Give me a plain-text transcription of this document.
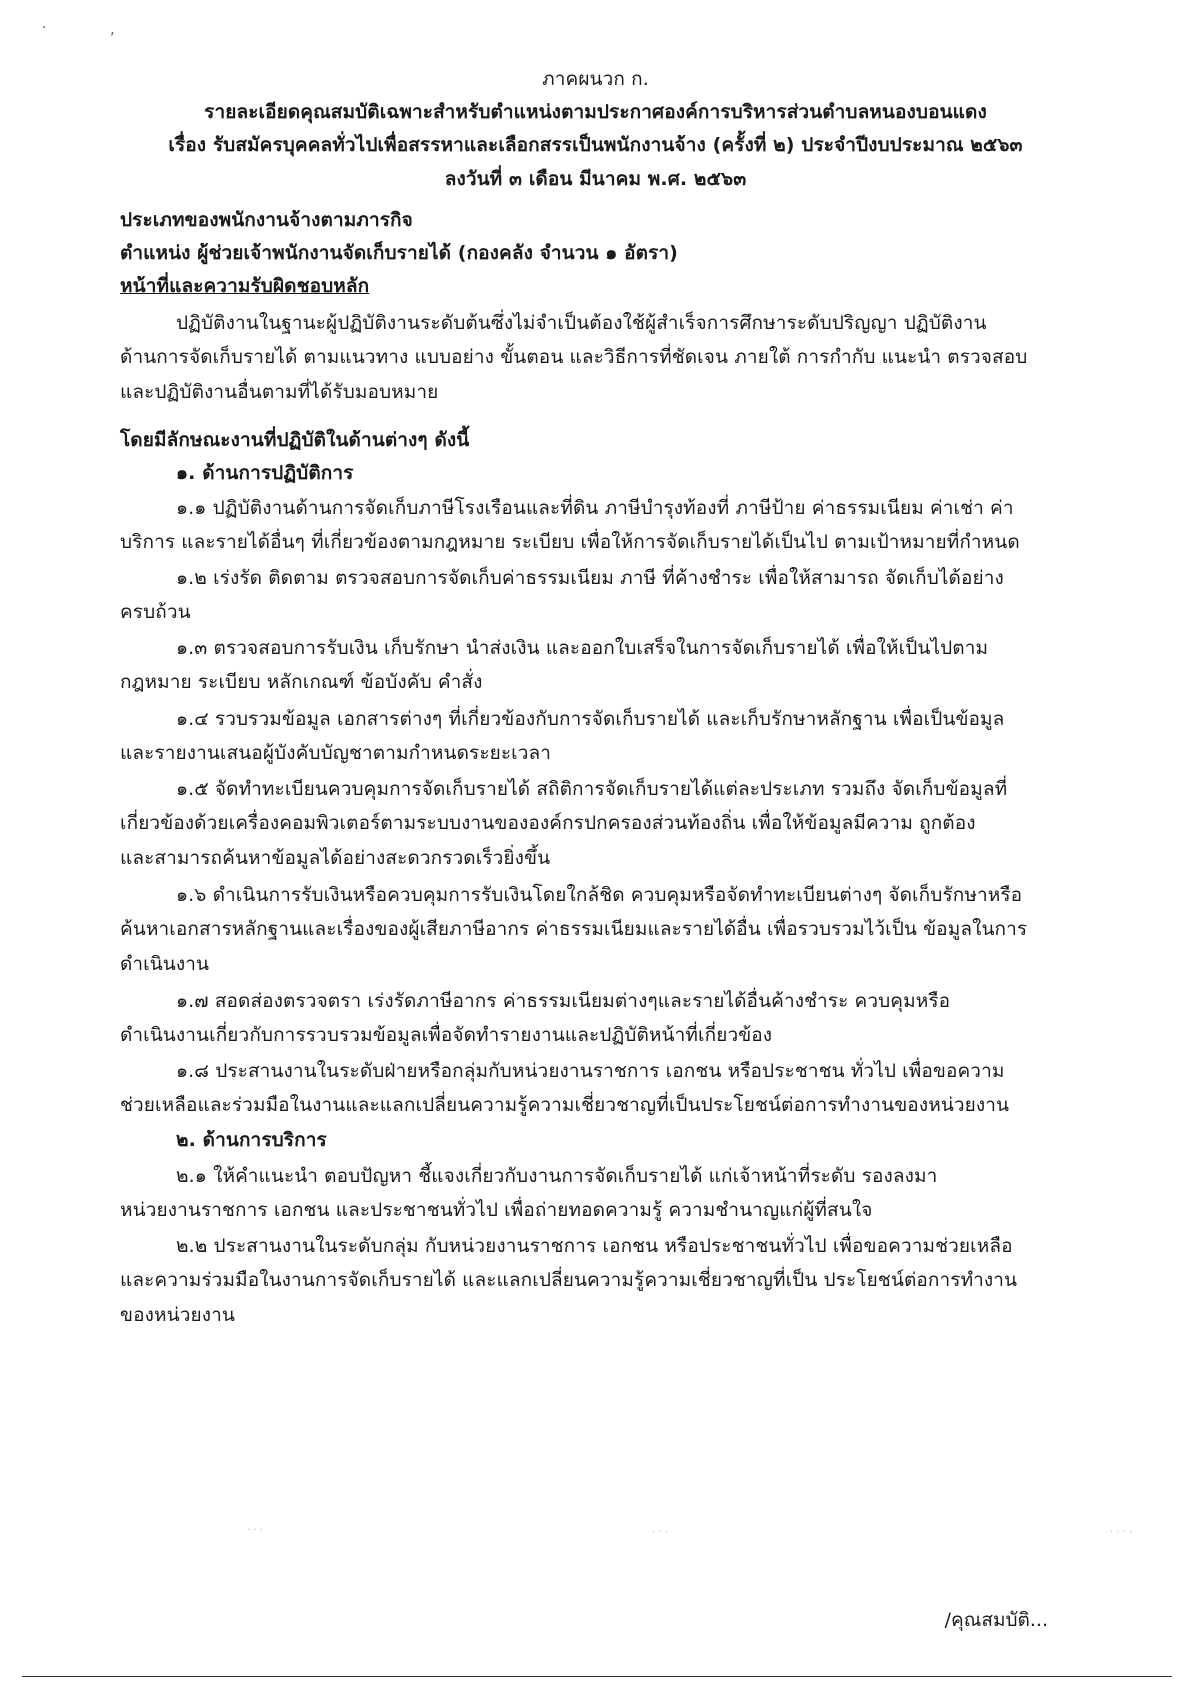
·	‚
ภาคผนวก ก.
รายละเอียดคุณสมบัติเฉพาะสำหรับตำแหน่งตามประกาศองค์การบริหารส่วนตำบลหนองบอนแดง
เรื่อง รับสมัครบุคคลทั่วไปเพื่อสรรหาและเลือกสรรเป็นพนักงานจ้าง (ครั้งที่ ๒) ประจำปีงบประมาณ ๒๕๖๓
ลงวันที่ ๓ เดือน มีนาคม พ.ศ. ๒๕๖๓
ประเภทของพนักงานจ้างตามภารกิจ
ตำแหน่ง ผู้ช่วยเจ้าพนักงานจัดเก็บรายได้ (กองคลัง จำนวน ๑ อัตรา)
หน้าที่และความรับผิดชอบหลัก
ปฏิบัติงานในฐานะผู้ปฏิบัติงานระดับต้นซึ่งไม่จำเป็นต้องใช้ผู้สำเร็จการศึกษาระดับปริญญา ปฏิบัติงาน
ด้านการจัดเก็บรายได้ ตามแนวทาง แบบอย่าง ขั้นตอน และวิธีการที่ชัดเจน ภายใต้ การกำกับ แนะนำ ตรวจสอบ
และปฏิบัติงานอื่นตามที่ได้รับมอบหมาย
โดยมีลักษณะงานที่ปฏิบัติในด้านต่างๆ ดังนี้
๑. ด้านการปฏิบัติการ
๑.๑ ปฏิบัติงานด้านการจัดเก็บภาษีโรงเรือนและที่ดิน ภาษีบำรุงท้องที่ ภาษีป้าย ค่าธรรมเนียม ค่าเช่า ค่า
บริการ และรายได้อื่นๆ ที่เกี่ยวข้องตามกฎหมาย ระเบียบ เพื่อให้การจัดเก็บรายได้เป็นไป ตามเป้าหมายที่กำหนด
๑.๒ เร่งรัด ติดตาม ตรวจสอบการจัดเก็บค่าธรรมเนียม ภาษี ที่ค้างชำระ เพื่อให้สามารถ จัดเก็บได้อย่าง
ครบถ้วน
๑.๓ ตรวจสอบการรับเงิน เก็บรักษา นำส่งเงิน และออกใบเสร็จในการจัดเก็บรายได้ เพื่อให้เป็นไปตาม
กฎหมาย ระเบียบ หลักเกณฑ์ ข้อบังคับ คำสั่ง
๑.๔ รวบรวมข้อมูล เอกสารต่างๆ ที่เกี่ยวข้องกับการจัดเก็บรายได้ และเก็บรักษาหลักฐาน เพื่อเป็นข้อมูล
และรายงานเสนอผู้บังคับบัญชาตามกำหนดระยะเวลา
๑.๕ จัดทำทะเบียนควบคุมการจัดเก็บรายได้ สถิติการจัดเก็บรายได้แต่ละประเภท รวมถึง จัดเก็บข้อมูลที่
เกี่ยวข้องด้วยเครื่องคอมพิวเตอร์ตามระบบงานขององค์กรปกครองส่วนท้องถิ่น เพื่อให้ข้อมูลมีความ ถูกต้อง
และสามารถค้นหาข้อมูลได้อย่างสะดวกรวดเร็วยิ่งขึ้น
๑.๖ ดำเนินการรับเงินหรือควบคุมการรับเงินโดยใกล้ชิด ควบคุมหรือจัดทำทะเบียนต่างๆ จัดเก็บรักษาหรือ
ค้นหาเอกสารหลักฐานและเรื่องของผู้เสียภาษีอากร ค่าธรรมเนียมและรายได้อื่น เพื่อรวบรวมไว้เป็น ข้อมูลในการ
ดำเนินงาน
๑.๗ สอดส่องตรวจตรา เร่งรัดภาษีอากร ค่าธรรมเนียมต่างๆและรายได้อื่นค้างชำระ ควบคุมหรือ
ดำเนินงานเกี่ยวกับการรวบรวมข้อมูลเพื่อจัดทำรายงานและปฏิบัติหน้าที่เกี่ยวข้อง
๑.๘ ประสานงานในระดับฝ่ายหรือกลุ่มกับหน่วยงานราชการ เอกชน หรือประชาชน ทั่วไป เพื่อขอความ
ช่วยเหลือและร่วมมือในงานและแลกเปลี่ยนความรู้ความเชี่ยวชาญที่เป็นประโยชน์ต่อการทำงานของหน่วยงาน
๒. ด้านการบริการ
๒.๑ ให้คำแนะนำ ตอบปัญหา ชี้แจงเกี่ยวกับงานการจัดเก็บรายได้ แก่เจ้าหน้าที่ระดับ รองลงมา
หน่วยงานราชการ เอกชน และประชาชนทั่วไป เพื่อถ่ายทอดความรู้ ความชำนาญแก่ผู้ที่สนใจ
๒.๒ ประสานงานในระดับกลุ่ม กับหน่วยงานราชการ เอกชน หรือประชาชนทั่วไป เพื่อขอความช่วยเหลือ
และความร่วมมือในงานการจัดเก็บรายได้ และแลกเปลี่ยนความรู้ความเชี่ยวชาญที่เป็น ประโยชน์ต่อการทำงาน
ของหน่วยงาน
· · ·	· · ·	· · · ·
/คุณสมบัติ...
